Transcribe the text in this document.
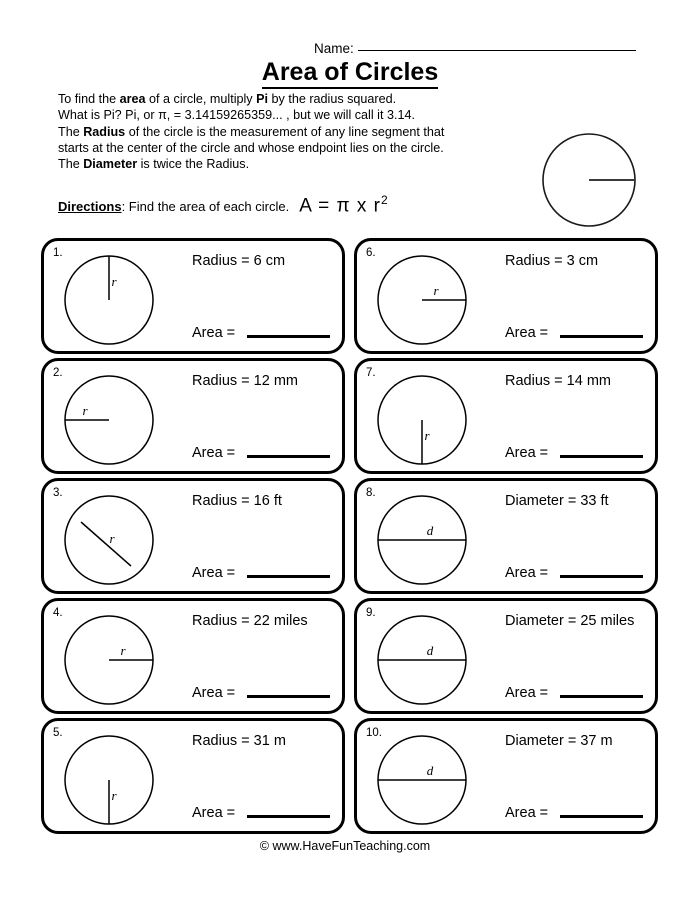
Name:
Area of Circles
To find the area of a circle, multiply Pi by the radius squared.
What is Pi? Pi, or π, = 3.14159265359... , but we will call it 3.14.
The Radius of the circle is the measurement of any line segment that
starts at the center of the circle and whose endpoint lies on the circle.
The Diameter is twice the Radius.
Directions: Find the area of each circle. A = π x $r^2$
1.
r
Radius = 6 cm
Area =
6.
r
Radius = 3 cm
Area =
2.
r
Radius = 12 mm
Area =
7.
r
Radius = 14 mm
Area =
3.
r
Radius = 16 ft
Area =
8.
d
Diameter = 33 ft
Area =
4.
r
Radius = 22 miles
Area =
9.
d
Diameter = 25 miles
Area =
5.
r
Radius = 31 m
Area =
10.
d
Diameter = 37 m
Area =
© www.HaveFunTeaching.com
